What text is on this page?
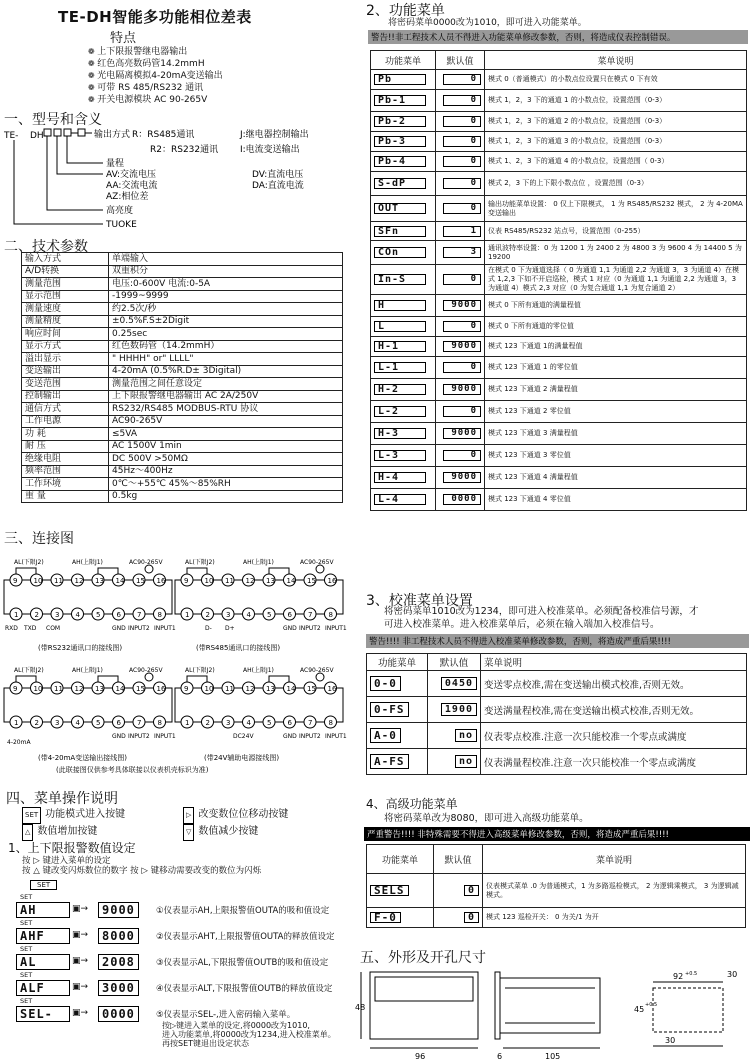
TE-DH智能多功能相位差表
特点
❁ 上下限报警继电器输出
❁ 红色高亮数码管14.2mmH
❁ 光电隔离模拟4-20mA变送输出
❁ 可带 RS 485/RS232 通讯
❁ 开关电源模块 AC 90-265V
一、型号和含义
TE- DH-	输出方式 R：RS485通讯	J:继电器控制输出
R2：RS232通讯 I:电流变送输出
量程
AV:交流电压	DV:直流电压
AA:交流电流	DA:直流电流
AZ:相位差
高亮度
TUOKE
二、技术参数
输入方式	单端输入
A/D转换	双重积分
测量范围	电压:0-600V 电流:0-5A
显示范围	-1999~9999
测量速度	约2.5次/秒
测量精度	±0.5%F.S±2Digit
响应时间	0.25sec
显示方式	红色数码管（14.2mmH）
溢出显示	" HHHH" or" LLLL"
变送输出	4-20mA (0.5%R.D± 3Digital)
变送范围	测量范围之间任意设定
控制输出	上下限报警继电器输出 AC 2A/250V
通信方式	RS232/RS485 MODBUS-RTU 协议
工作电源	AC90-265V
功 耗	≤5VA
耐 压	AC 1500V 1min
绝缘电阻	DC 500V >50MΩ
频率范围	45Hz～400Hz
工作环境	0℃～+55℃ 45%～85%RH
重 量	0.5kg
三、连接图
AL(下限J2)	AH(上限J1)	AC90-265V
9
1
10
2
11
3
12
4
13
5
14
6
15
7
16
8
RXD TXD COM	GND INPUT2 INPUT1
AL(下限J2)	AH(上限J1)	AC90-265V
9
1
10
2
11
3
12
4
13
5
14
6
15
7
16
8
D- D+	GND INPUT2 INPUT1
AL(下限J2)	AH(上限J1)	AC90-265V
9
1
10
2
11
3
12
4
13
5
14
6
15
7
16
8
4-20mA
GND INPUT2 INPUT1
AL(下限J2)	AH(上限J1)	AC90-265V
9
1
10
2
11
3
12
4
13
5
14
6
15
7
16
8
DC24V	GND INPUT2 INPUT1
(带RS232通讯口的接线图)	(带RS485通讯口的接线图)
(带4-20mA变送输出接线图)	(带24V辅助电源接线图)
(此联接图仅供参考具体联接以仪表机壳标识为准)
四、菜单操作说明
SET 功能模式进入按键
△ 数值增加按键
▷ 改变数位位移动按键
▽ 数值减少按键
1、上下限报警数值设定
按 ▷ 键进入菜单的设定
按 △ 键改变闪烁数位的数字 按 ▷ 键移动需要改变的数位为闪烁
SET
SET
AH	▣→	9000	①仪表显示AH,上限报警值OUTA的吸和值设定
SET
AHF	▣→	8000	②仪表显示AHT,上限报警值OUTA的释放值设定
SET
AL	▣→	2008	③仪表显示AL,下限报警值OUTB的吸和值设定
SET
ALF	▣→	3000	④仪表显示ALT,下限报警值OUTB的释放值设定
SET
SEL-	▣→	0000	⑤仪表显示SEL-,进入密码输入菜单。
按▷键进入菜单的设定,将0000改为1010,
进入功能菜单,将0000改为1234,进入校准菜单。
再按SET键退出设定状态
2、功能菜单
将密码菜单0000改为1010，即可进入功能菜单。
警告!!非工程技术人员不得进入功能菜单修改参数，否则，将造成仪表控制错误。
功能菜单	默认值	菜单说明
Pb	0	模式 0（普通模式）的小数点位设置只在模式 0 下有效
Pb-1	0	模式 1，2，3 下的通道 1 的小数点位，设置范围（0-3）
Pb-2	0	模式 1，2，3 下的通道 2 的小数点位，设置范围（0-3）
Pb-3	0	模式 1，2，3 下的通道 3 的小数点位，设置范围（0-3）
Pb-4	0	模式 1、2，3 下的通道 4 的小数点位，设置范围（ 0-3）
S-dP	0	模式 2，3 下的上下限小数点位 ，设置范围（0-3）
OUT	0	输出功能菜单设置： 0 仅上下限模式， 1 为 RS485/RS232 模式， 2 为 4-20MA 变送输出
SFn	1	仪表 RS485/RS232 站点号，设置范围（0-255）
COn	3	通讯波特率设置：0 为 1200 1 为 2400 2 为 4800 3 为 9600 4 为 14400 5 为 19200
In-S	0	在模式 0 下为通道选择（ 0 为通道 1,1 为通道 2,2 为通道 3，3 为通道 4）在模式 1,2,3 下如不开启巡检，模式 1 对应（0 为通道 1,1 为通道 2,2 为通道 3，3 为通道 4）模式 2,3 对应（0 为复合通道 1,1 为复合通道 2）
H	9000	模式 0 下所有通道的满量程值
L	0	模式 0 下所有通道的零位值
H-1	9000	模式 123 下通道 1的满量程值
L-1	0	模式 123 下通道 1 的零位值
H-2	9000	模式 123 下通道 2 满量程值
L-2	0	模式 123 下通道 2 零位值
H-3	9000	模式 123 下通道 3 满量程值
L-3	0	模式 123 下通道 3 零位值
H-4	9000	模式 123 下通道 4 满量程值
L-4	0000	模式 123 下通道 4 零位值
3、校准菜单设置
将密码菜单1010改为1234，即可进入校准菜单。必须配备校准信号源，才
可进入校准菜单。进入校准菜单后，必须在输入端加入校准信号。
警告!!!! 非工程技术人员不得进入校准菜单修改参数，否则，将造成严重后果!!!!
功能菜单	默认值	菜单说明
0-0	0450	变送零点校准,需在变送输出模式校准,否则无效。
0-FS	1900	变送满量程校准,需在变送输出模式校准,否则无效。
A-0	no	仪表零点校准.注意一次只能校准一个零点或满度
A-FS	no	仪表满量程校准.注意一次只能校准一个零点或满度
4、高级功能菜单
将密码菜单改为8080，即可进入高级功能菜单。
严重警告!!!! 非特殊需要不得进入高级菜单修改参数，否则，将造成严重后果!!!!
功能菜单	默认值	菜单说明
SELS	0	仪表模式菜单 .0 为普通模式，1 为多路巡检模式， 2 为逻辑乘模式， 3 为逻辑减模式。
F-0	0	模式 123 巡检开关： 0 为关/1 为开
五、外形及开孔尺寸
48
96	6	105
92 +0.5	30
45 +0.5
30
